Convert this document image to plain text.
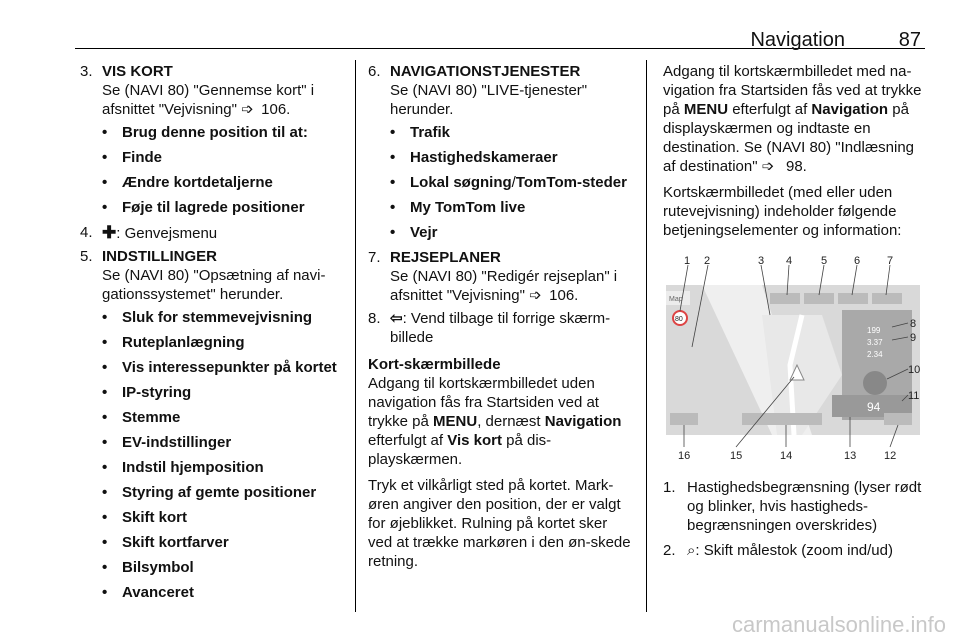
Navigation	87
3. VIS KORT

Se (NAVI 80) "Gennemse kort" i afsnittet "Vejvisning" ➩ 106.

• Brug denne position til at:
• Finde
• Ændre kortdetaljerne
• Føje til lagrede positioner
4. ✚: Genvejsmenu

5. INDSTILLINGER

Se (NAVI 80) "Opsætning af navi-gationssystemet" herunder.

• Sluk for stemmevejvisning
• Ruteplanlægning
• Vis interessepunkter på kortet
• IP-styring
• Stemme
• EV-indstillinger
• Indstil hjemposition
• Styring af gemte positioner
• Skift kort
• Skift kortfarver
• Bilsymbol
• Avanceret
6. NAVIGATIONSTJENESTER

Se (NAVI 80) "LIVE-tjenester" herunder.

• Trafik
• Hastighedskameraer
• Lokal søgning/TomTom-steder
• My TomTom live
• Vejr
7. REJSEPLANER

Se (NAVI 80) "Redigér rejseplan" i afsnittet "Vejvisning" ➩ 106.

8. ⇦: Vend tilbage til forrige skærm-billede

Kort-skærmbillede

Adgang til kortskærmbilledet uden navigation fås fra Startsiden ved at trykke på MENU, dernæst Navigation efterfulgt af Vis kort på dis-playskærmen.

Tryk et vilkårligt sted på kortet. Mark-øren angiver den position, der er valgt for øjeblikket. Rulning på kortet sker ved at trække markøren i den øn-skede retning.

Adgang til kortskærmbilledet med na-vigation fra Startsiden fås ved at trykke på MENU efterfulgt af Navigation på displayskærmen og indtaste en destination. Se (NAVI 80) "Indlæsning af destination" ➩  98.

Kortskærmbilledet (med eller uden rutevejvisning) indeholder følgende betjeningselementer og information:

Map
80
199
3.37
2.34
94
1 2	3 4	5 6 7
8
9
10
11
16	15	14	13	12
1. Hastighedsbegrænsning (lyser rødt og blinker, hvis hastigheds-begrænsningen overskrides)

2. ⌕: Skift målestok (zoom ind/ud)

carmanualsonline.info
